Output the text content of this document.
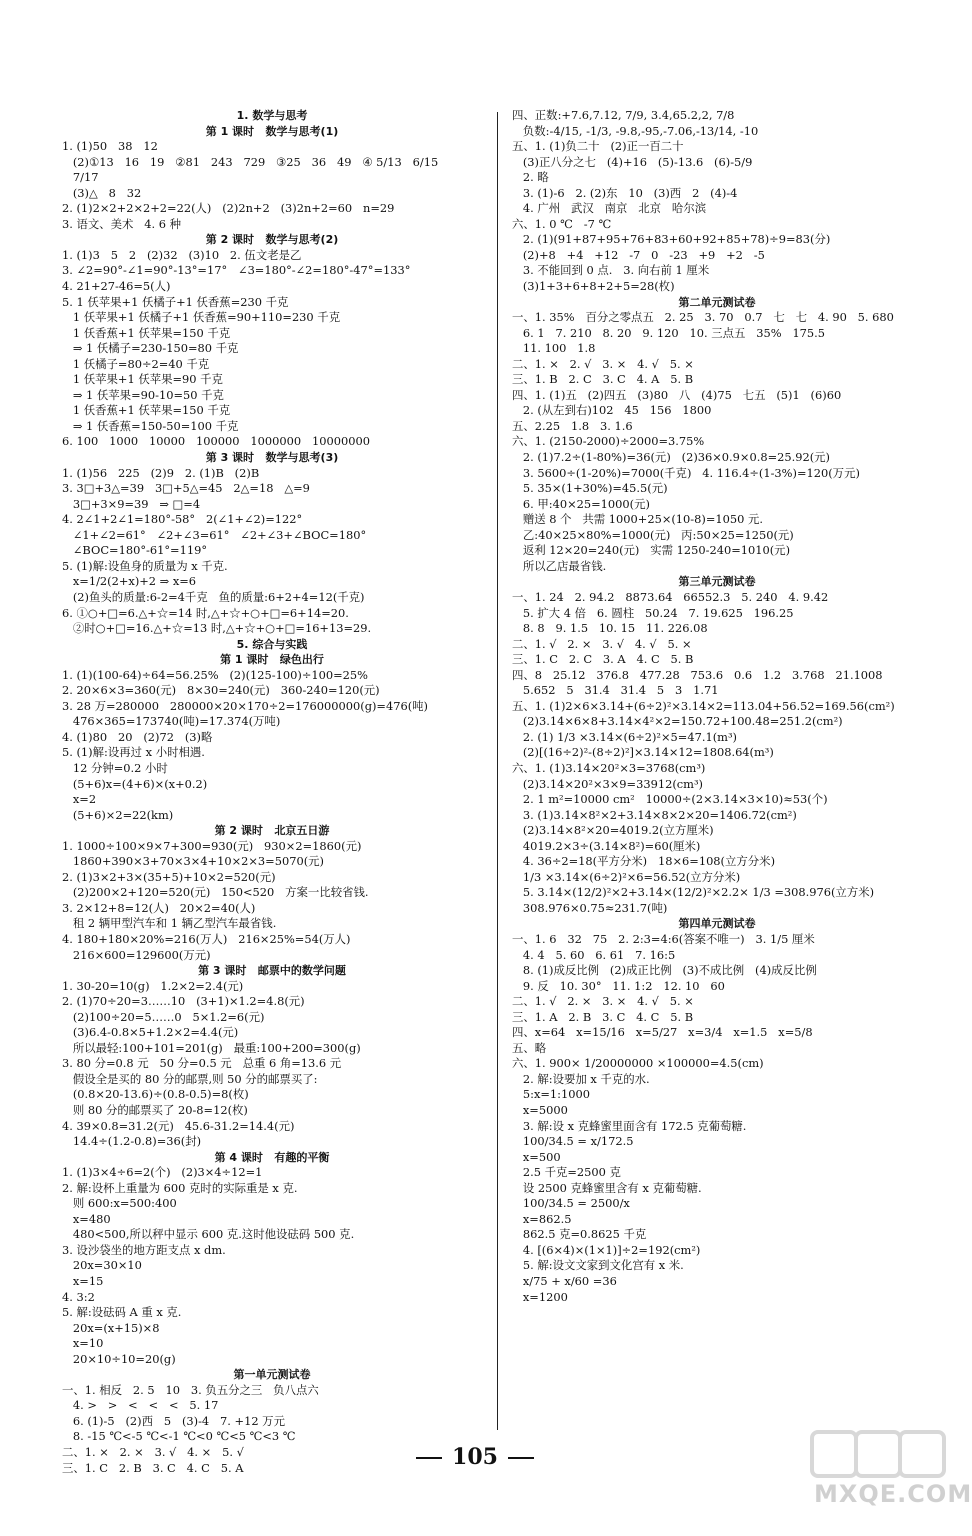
1. 数学与思考
第 1 课时   数学与思考(1)
1. (1)50   38   12
(2)①13   16   19   ②81   243   729   ③25   36   49   ④ 5/13   6/15
7/17
(3)△   8   32
2. (1)2×2+2×2+2=22(人)   (2)2n+2   (3)2n+2=60   n=29
3. 语文、美术   4. 6 种
第 2 课时   数学与思考(2)
1. (1)3   5   2   (2)32   (3)10   2. 伍文老是乙
3. ∠2=90°-∠1=90°-13°=17°   ∠3=180°-∠2=180°-47°=133°
4. 21+27-46=5(人)
5. 1 仸苹果+1 仸橘子+1 仸香蕉=230 千克
1 仸苹果+1 仸橘子+1 仸香蕉=90+110=230 千克
1 仸香蕉+1 仸苹果=150 千克
⇒ 1 仸橘子=230-150=80 千克
1 仸橘子=80÷2=40 千克
1 仸苹果+1 仸苹果=90 千克
⇒ 1 仸苹果=90-10=50 千克
1 仸香蕉+1 仸苹果=150 千克
⇒ 1 仸香蕉=150-50=100 千克
6. 100   1000   10000   100000   1000000   10000000
第 3 课时   数学与思考(3)
1. (1)56   225   (2)9   2. (1)B   (2)B
3. 3□+3△=39   3□+5△=45   2△=18   △=9
3□+3×9=39   ⇒ □=4
4. 2∠1+2∠1=180°-58°   2(∠1+∠2)=122°
∠1+∠2=61°   ∠2+∠3=61°   ∠2+∠3+∠BOC=180°
∠BOC=180°-61°=119°
5. (1)解:设鱼身的质量为 x 千克.
x=1/2(2+x)+2 ⇒ x=6
(2)鱼头的质量:6-2=4千克   鱼的质量:6+2+4=12(千克)
6. ①○+□=6.△+☆=14 时,△+☆+○+□=6+14=20.
②时○+□=16.△+☆=13 时,△+☆+○+□=16+13=29.
5. 综合与实践
第 1 课时   绿色出行
1. (1)(100-64)÷64=56.25%   (2)(125-100)÷100=25%
2. 20×6×3=360(元)   8×30=240(元)   360-240=120(元)
3. 28 万=280000   280000×20×170÷2=176000000(g)=476(吨)
476×365=173740(吨)=17.374(万吨)
4. (1)80   20   (2)72   (3)略
5. (1)解:设再过 x 小时相遇.
12 分钟=0.2 小时
(5+6)x=(4+6)×(x+0.2)
x=2
(5+6)×2=22(km)
第 2 课时   北京五日游
1. 1000÷100×9×7+300=930(元)   930×2=1860(元)
1860+390×3+70×3×4+10×2×3=5070(元)
2. (1)3×2+3×(35+5)+10×2=520(元)
(2)200×2+120=520(元)   150<520   方案一比较省钱.
3. 2×12+8=12(人)   20×2=40(人)
租 2 辆甲型汽车和 1 辆乙型汽车最省钱.
4. 180+180×20%=216(万人)   216×25%=54(万人)
216×600=129600(万元)
第 3 课时   邮票中的数学问题
1. 30-20=10(g)   1.2×2=2.4(元)
2. (1)70÷20=3……10   (3+1)×1.2=4.8(元)
(2)100÷20=5……0   5×1.2=6(元)
(3)6.4-0.8×5+1.2×2=4.4(元)
所以最轻:100+101=201(g)   最重:100+200=300(g)
3. 80 分=0.8 元   50 分=0.5 元   总重 6 角=13.6 元
假设全是买的 80 分的邮票,则 50 分的邮票买了:
(0.8×20-13.6)÷(0.8-0.5)=8(枚)
则 80 分的邮票买了 20-8=12(枚)
4. 39×0.8=31.2(元)   45.6-31.2=14.4(元)
14.4÷(1.2-0.8)=36(封)
第 4 课时   有趣的平衡
1. (1)3×4÷6=2(个)   (2)3×4÷12=1
2. 解:设杯上重量为 600 克时的实际重是 x 克.
则 600:x=500:400
x=480
480<500,所以秤中显示 600 克.这时他设砝码 500 克.
3. 设沙袋坐的地方距支点 x dm.
20x=30×10
x=15
4. 3:2
5. 解:设砝码 A 重 x 克.
20x=(x+15)×8
x=10
20×10÷10=20(g)
第一单元测试卷
一、1. 相反   2. 5   10   3. 负五分之三   负八点六
4. >   >   <   <   <   5. 17
6. (1)-5   (2)西   5   (3)-4   7. +12 万元
8. -15 ℃<-5 ℃<-1 ℃<0 ℃<5 ℃<3 ℃
二、1. ×   2. ×   3. √   4. ×   5. √
三、1. C   2. B   3. C   4. C   5. A
四、正数:+7.6,7.12, 7/9, 3.4,65.2,2, 7/8
负数:-4/15, -1/3, -9.8,-95,-7.06,-13/14, -10
五、1. (1)负二十   (2)正一百二十
(3)正八分之七   (4)+16   (5)-13.6   (6)-5/9
2. 略
3. (1)-6   2. (2)东   10   (3)西   2   (4)-4
4. 广州   武汉   南京   北京   哈尔滨
六、1. 0 ℃   -7 ℃
2. (1)(91+87+95+76+83+60+92+85+78)÷9=83(分)
(2)+8   +4   +12   -7   0   -23   +9   +2   -5
3. 不能回到 0 点.   3. 向右前 1 厘米
(3)1+3+6+8+2+5=28(枚)
第二单元测试卷
一、1. 35%   百分之零点五   2. 25   3. 70   0.7   七   七   4. 90   5. 680
6. 1   7. 210   8. 20   9. 120   10. 三点五   35%   175.5
11. 100   1.8
二、1. ×   2. √   3. ×   4. √   5. ×
三、1. B   2. C   3. C   4. A   5. B
四、1. (1)五   (2)四五   (3)80   八   (4)75   七五   (5)1   (6)60
2. (从左到右)102   45   156   1800
五、2.25   1.8   3. 1.6
六、1. (2150-2000)÷2000=3.75%
2. (1)7.2÷(1-80%)=36(元)   (2)36×0.9×0.8=25.92(元)
3. 5600÷(1-20%)=7000(千克)   4. 116.4÷(1-3%)=120(万元)
5. 35×(1+30%)=45.5(元)
6. 甲:40×25=1000(元)
赠送 8 个   共需 1000+25×(10-8)=1050 元.
乙:40×25×80%=1000(元)   丙:50×25=1250(元)
返利 12×20=240(元)   实需 1250-240=1010(元)
所以乙店最省钱.
第三单元测试卷
一、1. 24   2. 94.2   8873.64   66552.3   5. 240   4. 9.42
5. 扩大 4 倍   6. 圆柱   50.24   7. 19.625   196.25
8. 8   9. 1.5   10. 15   11. 226.08
二、1. √   2. ×   3. √   4. √   5. ×
三、1. C   2. C   3. A   4. C   5. B
四、8   25.12   376.8   477.28   753.6   0.6   1.2   3.768   21.1008
5.652   5   31.4   31.4   5   3   1.71
五、1. (1)2×6×3.14+(6÷2)²×3.14×2=113.04+56.52=169.56(cm²)
(2)3.14×6×8+3.14×4²×2=150.72+100.48=251.2(cm²)
2. (1) 1/3 ×3.14×(6÷2)²×5=47.1(m³)
(2)[(16÷2)²-(8÷2)²]×3.14×12=1808.64(m³)
六、1. (1)3.14×20²×3=3768(cm³)
(2)3.14×20²×3×9=33912(cm³)
2. 1 m²=10000 cm²   10000÷(2×3.14×3×10)≈53(个)
3. (1)3.14×8²×2+3.14×8×2×20=1406.72(cm²)
(2)3.14×8²×20=4019.2(立方厘米)
4019.2×3÷(3.14×8²)=60(厘米)
4. 36÷2=18(平方分米)   18×6=108(立方分米)
1/3 ×3.14×(6÷2)²×6=56.52(立方分米)
5. 3.14×(12/2)²×2+3.14×(12/2)²×2.2× 1/3 =308.976(立方米)
308.976×0.75≈231.7(吨)
第四单元测试卷
一、1. 6   32   75   2. 2:3=4:6(答案不唯一)   3. 1/5 厘米
4. 4   5. 60   6. 61   7. 16:5
8. (1)成反比例   (2)成正比例   (3)不成比例   (4)成反比例
9. 反   10. 30°   11. 1:2   12. 10   60
二、1. √   2. ×   3. ×   4. √   5. ×
三、1. A   2. B   3. C   4. C   5. B
四、x=64   x=15/16   x=5/27   x=3/4   x=1.5   x=5/8
五、略
六、1. 900× 1/20000000 ×100000=4.5(cm)
2. 解:设要加 x 千克的水.
5:x=1:1000
x=5000
3. 解:设 x 克蜂蜜里面含有 172.5 克葡萄糖.
100/34.5 = x/172.5
x=500
2.5 千克=2500 克
设 2500 克蜂蜜里含有 x 克葡萄糖.
100/34.5 = 2500/x
x=862.5
862.5 克=0.8625 千克
4. [(6×4)×(1×1)]÷2=192(cm²)
5. 解:设文文家到文化宫有 x 米.
x/75 + x/60 =36
x=1200
105
MXQE.COM
